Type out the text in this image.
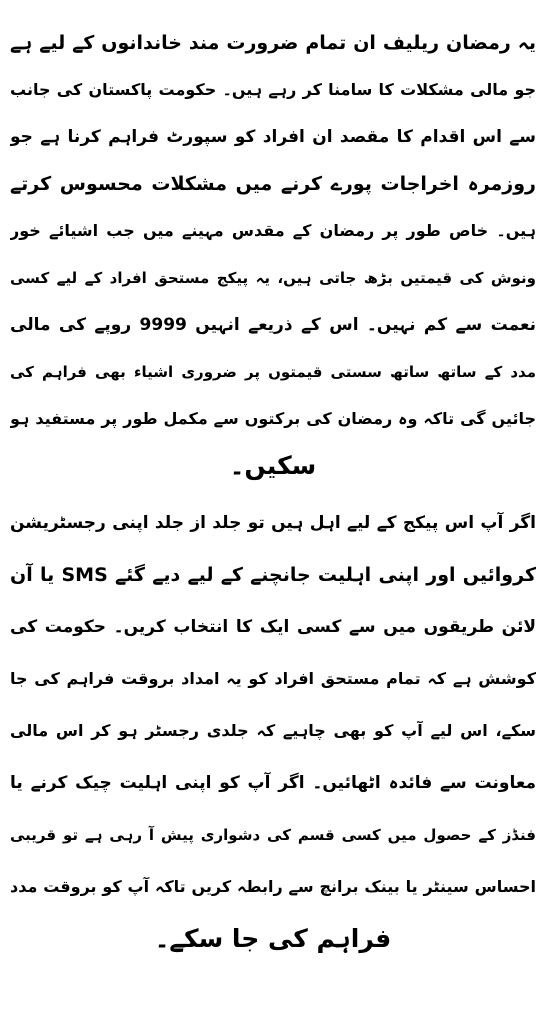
یہ رمضان ریلیف ان تمام ضرورت مند خاندانوں کے لیے ہے
جو مالی مشکلات کا سامنا کر رہے ہیں۔ حکومت پاکستان کی جانب
سے اس اقدام کا مقصد ان افراد کو سپورٹ فراہم کرنا ہے جو
روزمرہ اخراجات پورے کرنے میں مشکلات محسوس کرتے
ہیں۔ خاص طور پر رمضان کے مقدس مہینے میں جب اشیائے خور
ونوش کی قیمتیں بڑھ جاتی ہیں، یہ پیکج مستحق افراد کے لیے کسی
نعمت سے کم نہیں۔ اس کے ذریعے انہیں 9999 روپے کی مالی
مدد کے ساتھ ساتھ سستی قیمتوں پر ضروری اشیاء بھی فراہم کی
جائیں گی تاکہ وہ رمضان کی برکتوں سے مکمل طور پر مستفید ہو
سکیں۔
اگر آپ اس پیکج کے لیے اہل ہیں تو جلد از جلد اپنی رجسٹریشن
کروائیں اور اپنی اہلیت جانچنے کے لیے دیے گئے SMS یا آن
لائن طریقوں میں سے کسی ایک کا انتخاب کریں۔ حکومت کی
کوشش ہے کہ تمام مستحق افراد کو یہ امداد بروقت فراہم کی جا
سکے، اس لیے آپ کو بھی چاہیے کہ جلدی رجسٹر ہو کر اس مالی
معاونت سے فائدہ اٹھائیں۔ اگر آپ کو اپنی اہلیت چیک کرنے یا
فنڈز کے حصول میں کسی قسم کی دشواری پیش آ رہی ہے تو قریبی
احساس سینٹر یا بینک برانچ سے رابطہ کریں تاکہ آپ کو بروقت مدد
فراہم کی جا سکے۔
